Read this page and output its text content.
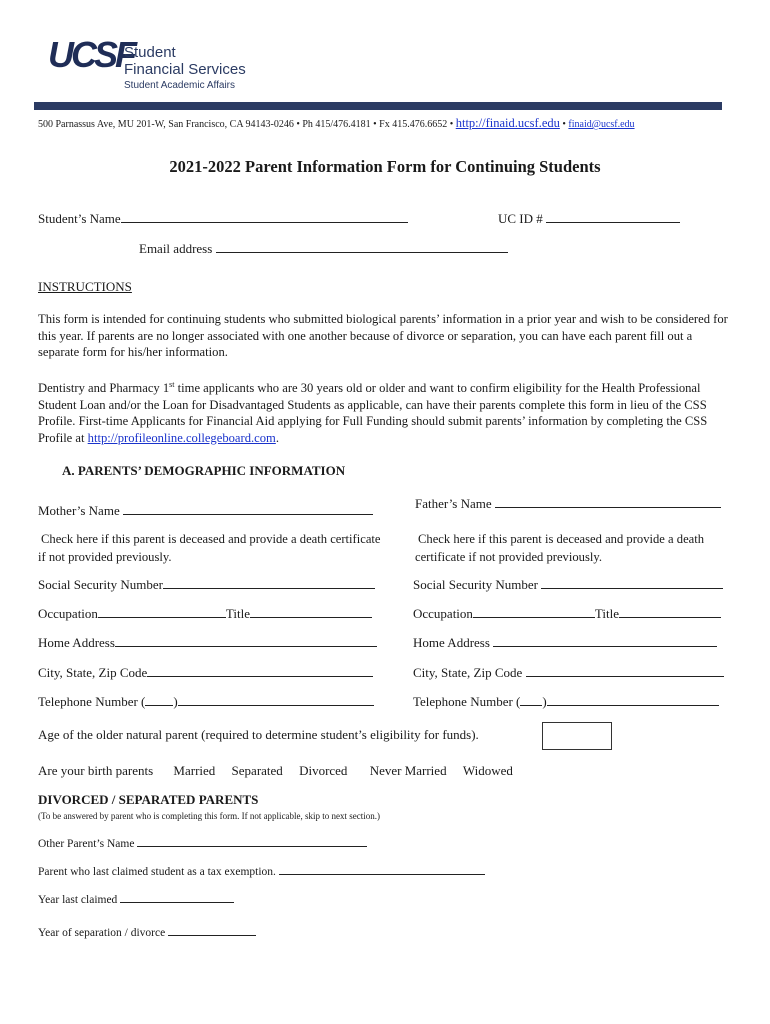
UCSF
Student
Financial Services
Student Academic Affairs
500 Parnassus Ave, MU 201-W, San Francisco, CA 94143-0246 • Ph 415/476.4181 • Fx 415.476.6652 • http://finaid.ucsf.edu • finaid@ucsf.edu
2021-2022 Parent Information Form for Continuing Students
Student’s Name	UC ID #
Email address
INSTRUCTIONS
This form is intended for continuing students who submitted biological parents’ information in a prior year and wish to be considered for this year. If parents are no longer associated with one another because of divorce or separation, you can have each parent fill out a separate form for his/her information.
Dentistry and Pharmacy 1st time applicants who are 30 years old or older and want to confirm eligibility for the Health Professional Student Loan and/or the Loan for Disadvantaged Students as applicable, can have their parents complete this form in lieu of the CSS Profile. First-time Applicants for Financial Aid applying for Full Funding should submit parents’ information by completing the CSS Profile at http://profileonline.collegeboard.com.
A. PARENTS’ DEMOGRAPHIC INFORMATION
Mother’s Name	Father’s Name
Check here if this parent is deceased and provide a death certificate if not provided previously.
Check here if this parent is deceased and provide a death certificate if not provided previously.
Social Security Number	Social Security Number
Occupation	Title	Occupation	Title
Home Address	Home Address
City, State, Zip Code	City, State, Zip Code
Telephone Number ( )	Telephone Number ( )
Age of the older natural parent (required to determine student’s eligibility for funds).
Are your birth parents Married Separated Divorced Never Married Widowed
DIVORCED / SEPARATED PARENTS
(To be answered by parent who is completing this form. If not applicable, skip to next section.)
Other Parent’s Name
Parent who last claimed student as a tax exemption.
Year last claimed
Year of separation / divorce
